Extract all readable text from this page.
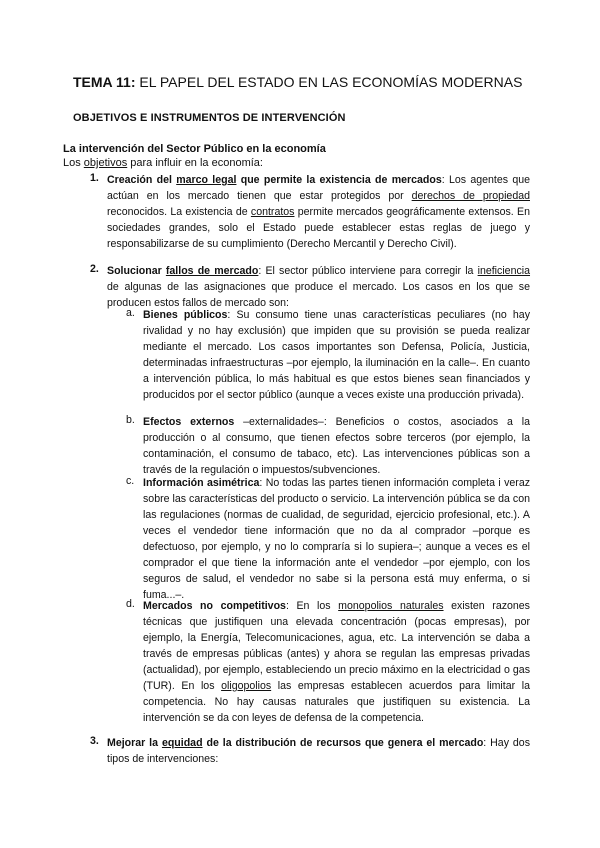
TEMA 11: EL PAPEL DEL ESTADO EN LAS ECONOMÍAS MODERNAS
OBJETIVOS E INSTRUMENTOS DE INTERVENCIÓN
La intervención del Sector Público en la economía
Los objetivos para influir en la economía:
1. Creación del marco legal que permite la existencia de mercados: Los agentes que actúan en los mercado tienen que estar protegidos por derechos de propiedad reconocidos. La existencia de contratos permite mercados geográficamente extensos. En sociedades grandes, solo el Estado puede establecer estas reglas de juego y responsabilizarse de su cumplimiento (Derecho Mercantil y Derecho Civil).

2. Solucionar fallos de mercado: El sector público interviene para corregir la ineficiencia de algunas de las asignaciones que produce el mercado. Los casos en los que se producen estos fallos de mercado son:

a. Bienes públicos: Su consumo tiene unas características peculiares (no hay rivalidad y no hay exclusión) que impiden que su provisión se pueda realizar mediante el mercado. Los casos importantes son Defensa, Policía, Justicia, determinadas infraestructuras –por ejemplo, la iluminación en la calle–. En cuanto a intervención pública, lo más habitual es que estos bienes sean financiados y producidos por el sector público (aunque a veces existe una producción privada).

b. Efectos externos –externalidades–: Beneficios o costos, asociados a la producción o al consumo, que tienen efectos sobre terceros (por ejemplo, la contaminación, el consumo de tabaco, etc). Las intervenciones públicas son a través de la regulación o impuestos/subvenciones.

c. Información asimétrica: No todas las partes tienen información completa i veraz sobre las características del producto o servicio. La intervención pública se da con las regulaciones (normas de cualidad, de seguridad, ejercicio profesional, etc.). A veces el vendedor tiene información que no da al comprador –porque es defectuoso, por ejemplo, y no lo compraría si lo supiera–; aunque a veces es el comprador el que tiene la información ante el vendedor –por ejemplo, con los seguros de salud, el vendedor no sabe si la persona está muy enferma, o si fuma...–.

d. Mercados no competitivos: En los monopolios naturales existen razones técnicas que justifiquen una elevada concentración (pocas empresas), por ejemplo, la Energía, Telecomunicaciones, agua, etc. La intervención se daba a través de empresas públicas (antes) y ahora se regulan las empresas privadas (actualidad), por ejemplo, estableciendo un precio máximo en la electricidad o gas (TUR). En los oligopolios las empresas establecen acuerdos para limitar la competencia. No hay causas naturales que justifiquen su existencia. La intervención se da con leyes de defensa de la competencia.

3. Mejorar la equidad de la distribución de recursos que genera el mercado: Hay dos tipos de intervenciones:
